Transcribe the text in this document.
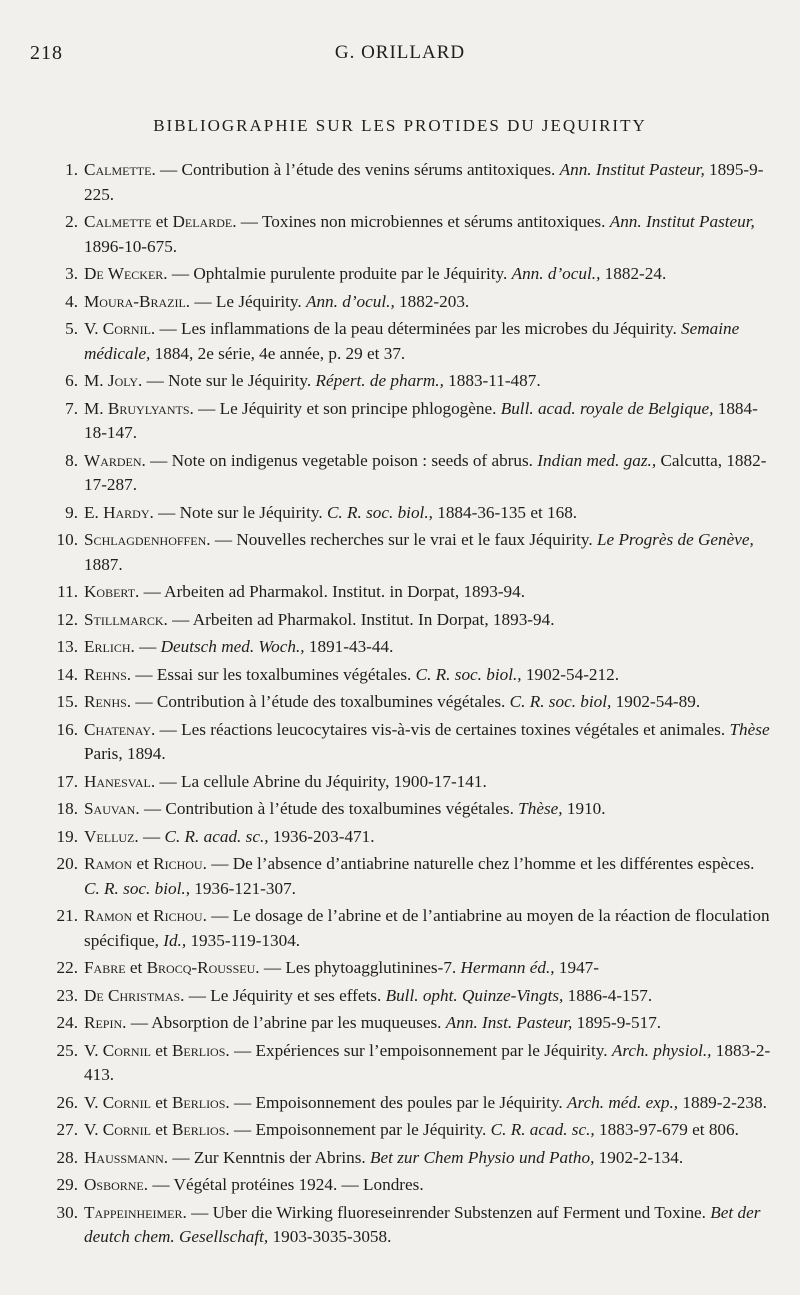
218	G. ORILLARD
BIBLIOGRAPHIE SUR LES PROTIDES DU JEQUIRITY
1. Calmette. — Contribution à l’étude des venins sérums antitoxiques. Ann. Institut Pasteur, 1895-9-225.
2. Calmette et Delarde. — Toxines non microbiennes et sérums antitoxiques. Ann. Institut Pasteur, 1896-10-675.
3. De Wecker. — Ophtalmie purulente produite par le Jéquirity. Ann. d’ocul., 1882-24.
4. Moura-Brazil. — Le Jéquirity. Ann. d’ocul., 1882-203.
5. V. Cornil. — Les inflammations de la peau déterminées par les microbes du Jéquirity. Semaine médicale, 1884, 2e série, 4e année, p. 29 et 37.
6. M. Joly. — Note sur le Jéquirity. Répert. de pharm., 1883-11-487.
7. M. Bruylyants. — Le Jéquirity et son principe phlogogène. Bull. acad. royale de Belgique, 1884-18-147.
8. Warden. — Note on indigenus vegetable poison : seeds of abrus. Indian med. gaz., Calcutta, 1882-17-287.
9. E. Hardy. — Note sur le Jéquirity. C. R. soc. biol., 1884-36-135 et 168.
10. Schlagdenhoffen. — Nouvelles recherches sur le vrai et le faux Jéquirity. Le Progrès de Genève, 1887.
11. Kobert. — Arbeiten ad Pharmakol. Institut. in Dorpat, 1893-94.
12. Stillmarck. — Arbeiten ad Pharmakol. Institut. In Dorpat, 1893-94.
13. Erlich. — Deutsch med. Woch., 1891-43-44.
14. Rehns. — Essai sur les toxalbumines végétales. C. R. soc. biol., 1902-54-212.
15. Renhs. — Contribution à l’étude des toxalbumines végétales. C. R. soc. biol, 1902-54-89.
16. Chatenay. — Les réactions leucocytaires vis-à-vis de certaines toxines végétales et animales. Thèse Paris, 1894.
17. Hanesval. — La cellule Abrine du Jéquirity, 1900-17-141.
18. Sauvan. — Contribution à l’étude des toxalbumines végétales. Thèse, 1910.
19. Velluz. — C. R. acad. sc., 1936-203-471.
20. Ramon et Richou. — De l’absence d’antiabrine naturelle chez l’homme et les différentes espèces. C. R. soc. biol., 1936-121-307.
21. Ramon et Richou. — Le dosage de l’abrine et de l’antiabrine au moyen de la réaction de floculation spécifique, Id., 1935-119-1304.
22. Fabre et Brocq-Rousseu. — Les phytoagglutinines-7. Hermann éd., 1947-
23. De Christmas. — Le Jéquirity et ses effets. Bull. opht. Quinze-Vingts, 1886-4-157.
24. Repin. — Absorption de l’abrine par les muqueuses. Ann. Inst. Pasteur, 1895-9-517.
25. V. Cornil et Berlios. — Expériences sur l’empoisonnement par le Jéquirity. Arch. physiol., 1883-2-413.
26. V. Cornil et Berlios. — Empoisonnement des poules par le Jéquirity. Arch. méd. exp., 1889-2-238.
27. V. Cornil et Berlios. — Empoisonnement par le Jéquirity. C. R. acad. sc., 1883-97-679 et 806.
28. Haussmann. — Zur Kenntnis der Abrins. Bet zur Chem Physio und Patho, 1902-2-134.
29. Osborne. — Végétal protéines 1924. — Londres.
30. Tappeinheimer. — Uber die Wirking fluoreseinrender Substenzen auf Ferment und Toxine. Bet der deutch chem. Gesellschaft, 1903-3035-3058.
